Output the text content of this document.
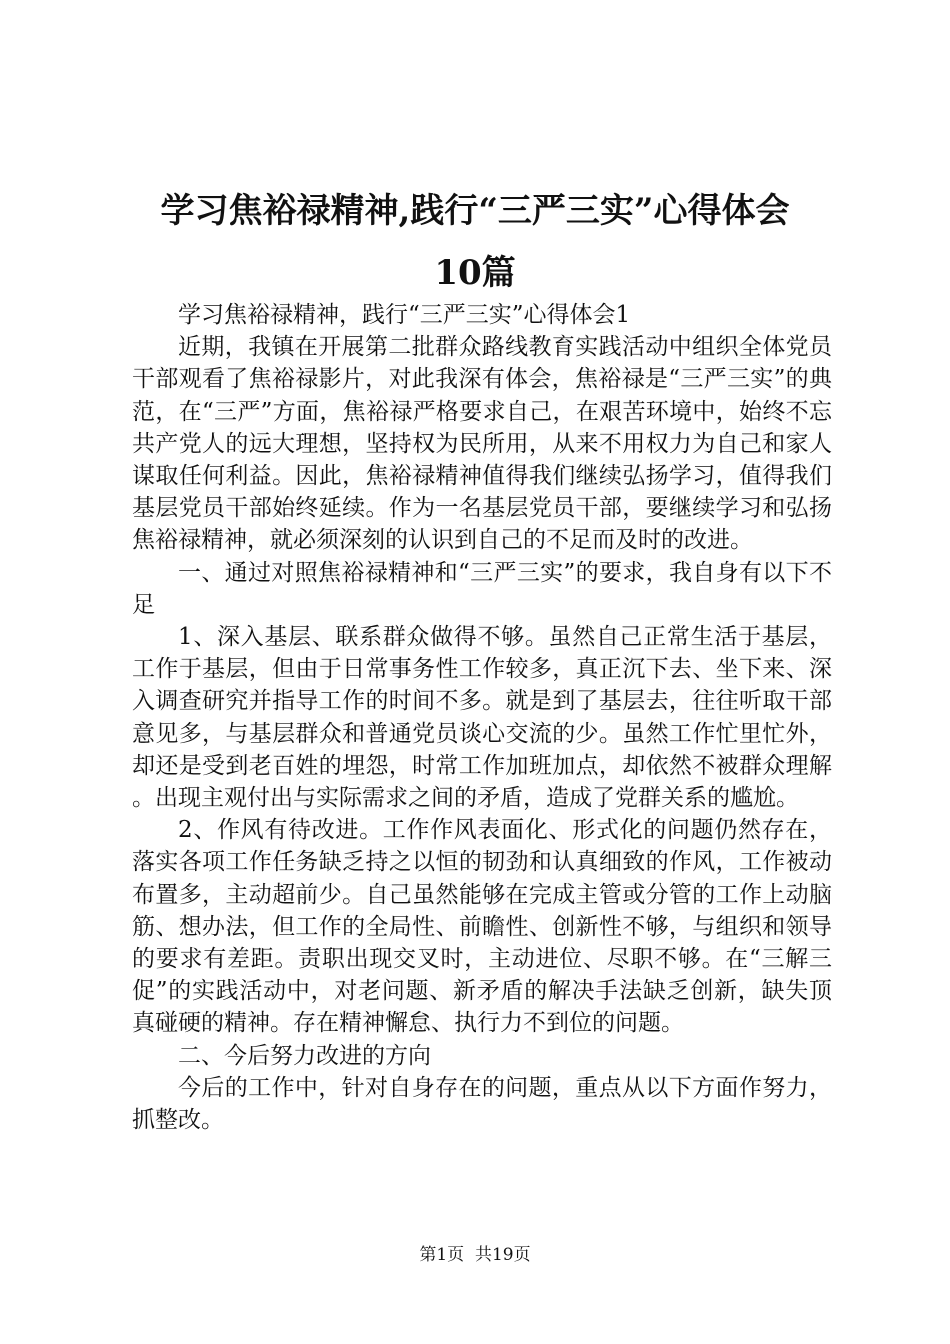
学习焦裕禄精神,践行“三严三实”心得体会
10篇

学习焦裕禄精神，践行“三严三实”心得体会1

近期，我镇在开展第二批群众路线教育实践活动中组织全体党员干部观看了焦裕禄影片，对此我深有体会，焦裕禄是“三严三实”的典范，在“三严”方面，焦裕禄严格要求自己，在艰苦环境中，始终不忘共产党人的远大理想，坚持权为民所用，从来不用权力为自己和家人谋取任何利益。因此，焦裕禄精神值得我们继续弘扬学习，值得我们基层党员干部始终延续。作为一名基层党员干部，要继续学习和弘扬焦裕禄精神，就必须深刻的认识到自己的不足而及时的改进。

一、通过对照焦裕禄精神和“三严三实”的要求，我自身有以下不足

1、深入基层、联系群众做得不够。虽然自己正常生活于基层，工作于基层，但由于日常事务性工作较多，真正沉下去、坐下来、深入调查研究并指导工作的时间不多。就是到了基层去，往往听取干部意见多，与基层群众和普通党员谈心交流的少。虽然工作忙里忙外，却还是受到老百姓的埋怨，时常工作加班加点，却依然不被群众理解。出现主观付出与实际需求之间的矛盾，造成了党群关系的尴尬。

2、作风有待改进。工作作风表面化、形式化的问题仍然存在，落实各项工作任务缺乏持之以恒的韧劲和认真细致的作风，工作被动布置多，主动超前少。自己虽然能够在完成主管或分管的工作上动脑筋、想办法，但工作的全局性、前瞻性、创新性不够，与组织和领导的要求有差距。责职出现交叉时，主动进位、尽职不够。在“三解三促”的实践活动中，对老问题、新矛盾的解决手法缺乏创新，缺失顶真碰硬的精神。存在精神懈怠、执行力不到位的问题。

二、今后努力改进的方向

今后的工作中，针对自身存在的问题，重点从以下方面作努力，抓整改。

第1页  共19页
